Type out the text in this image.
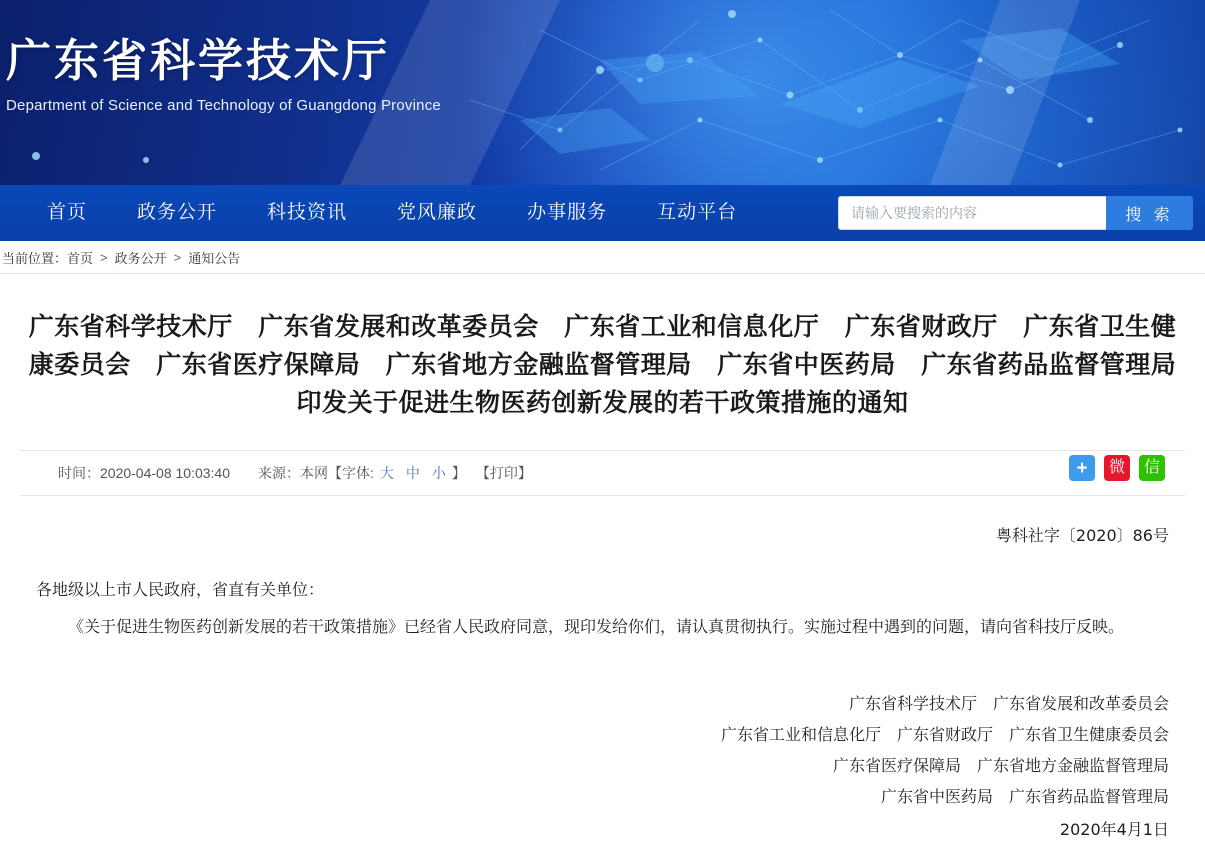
广东省科学技术厅
Department of Science and Technology of Guangdong Province
首页	政务公开	科技资讯	党风廉政	办事服务	互动平台
请输入要搜索的内容	搜 索
当前位置： 首页 > 政务公开 > 通知公告
广东省科学技术厅　广东省发展和改革委员会　广东省工业和信息化厅　广东省财政厅　广东省卫生健康委员会　广东省医疗保障局　广东省地方金融监督管理局　广东省中医药局　广东省药品监督管理局印发关于促进生物医药创新发展的若干政策措施的通知
时间：2020-04-08 10:03:40 来源：本网 【字体: 大 中 小 】 【打印】	+	微	信

粤科社字〔2020〕86号

各地级以上市人民政府，省直有关单位：

《关于促进生物医药创新发展的若干政策措施》已经省人民政府同意，现印发给你们，请认真贯彻执行。实施过程中遇到的问题，请向省科技厅反映。

广东省科学技术厅　广东省发展和改革委员会
广东省工业和信息化厅　广东省财政厅　广东省卫生健康委员会
广东省医疗保障局　广东省地方金融监督管理局
广东省中医药局　广东省药品监督管理局
2020年4月1日
